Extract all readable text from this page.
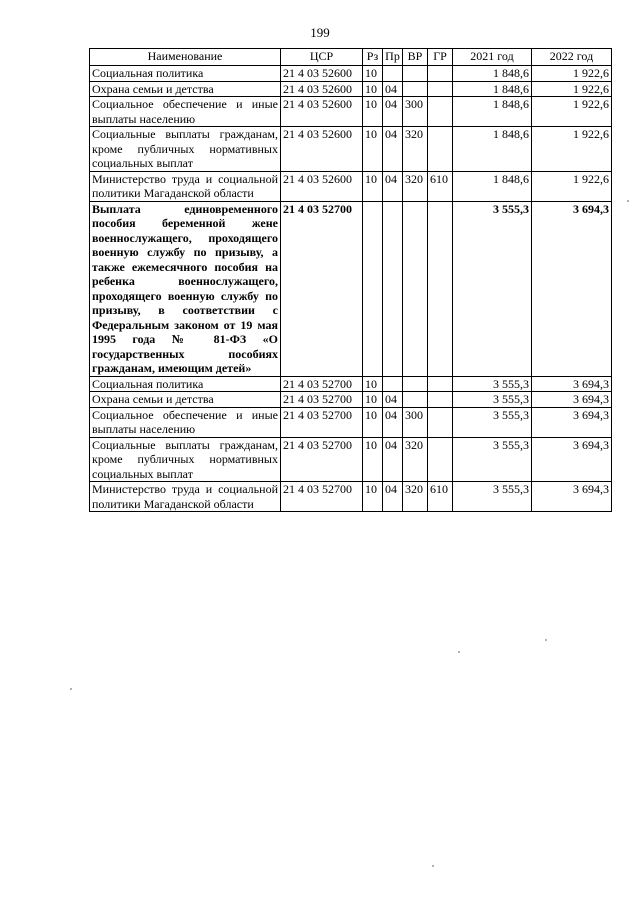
199
Наименование	ЦСР	Рз	Пр	ВР	ГР	2021 год	2022 год
Социальная политика	21 4 03 52600	10				1 848,6	1 922,6
Охрана семьи и детства	21 4 03 52600	10	04			1 848,6	1 922,6
Социальное обеспечение и иные выплаты населению	21 4 03 52600	10	04	300		1 848,6	1 922,6
Социальные выплаты гражданам, кроме публичных нормативных социальных выплат	21 4 03 52600	10	04	320		1 848,6	1 922,6
Министерство труда и социальной политики Магаданской области	21 4 03 52600	10	04	320	610	1 848,6	1 922,6
Выплата единовременного пособия беременной жене военнослужащего, проходящего военную службу по призыву, а также ежемесячного пособия на ребенка военнослужащего, проходящего военную службу по призыву, в соответствии с Федеральным законом от 19 мая 1995 года № 81-ФЗ «О государственных пособиях гражданам, имеющим детей»	21 4 03 52700					3 555,3	3 694,3
Социальная политика	21 4 03 52700	10				3 555,3	3 694,3
Охрана семьи и детства	21 4 03 52700	10	04			3 555,3	3 694,3
Социальное обеспечение и иные выплаты населению	21 4 03 52700	10	04	300		3 555,3	3 694,3
Социальные выплаты гражданам, кроме публичных нормативных социальных выплат	21 4 03 52700	10	04	320		3 555,3	3 694,3
Министерство труда и социальной политики Магаданской области	21 4 03 52700	10	04	320	610	3 555,3	3 694,3
